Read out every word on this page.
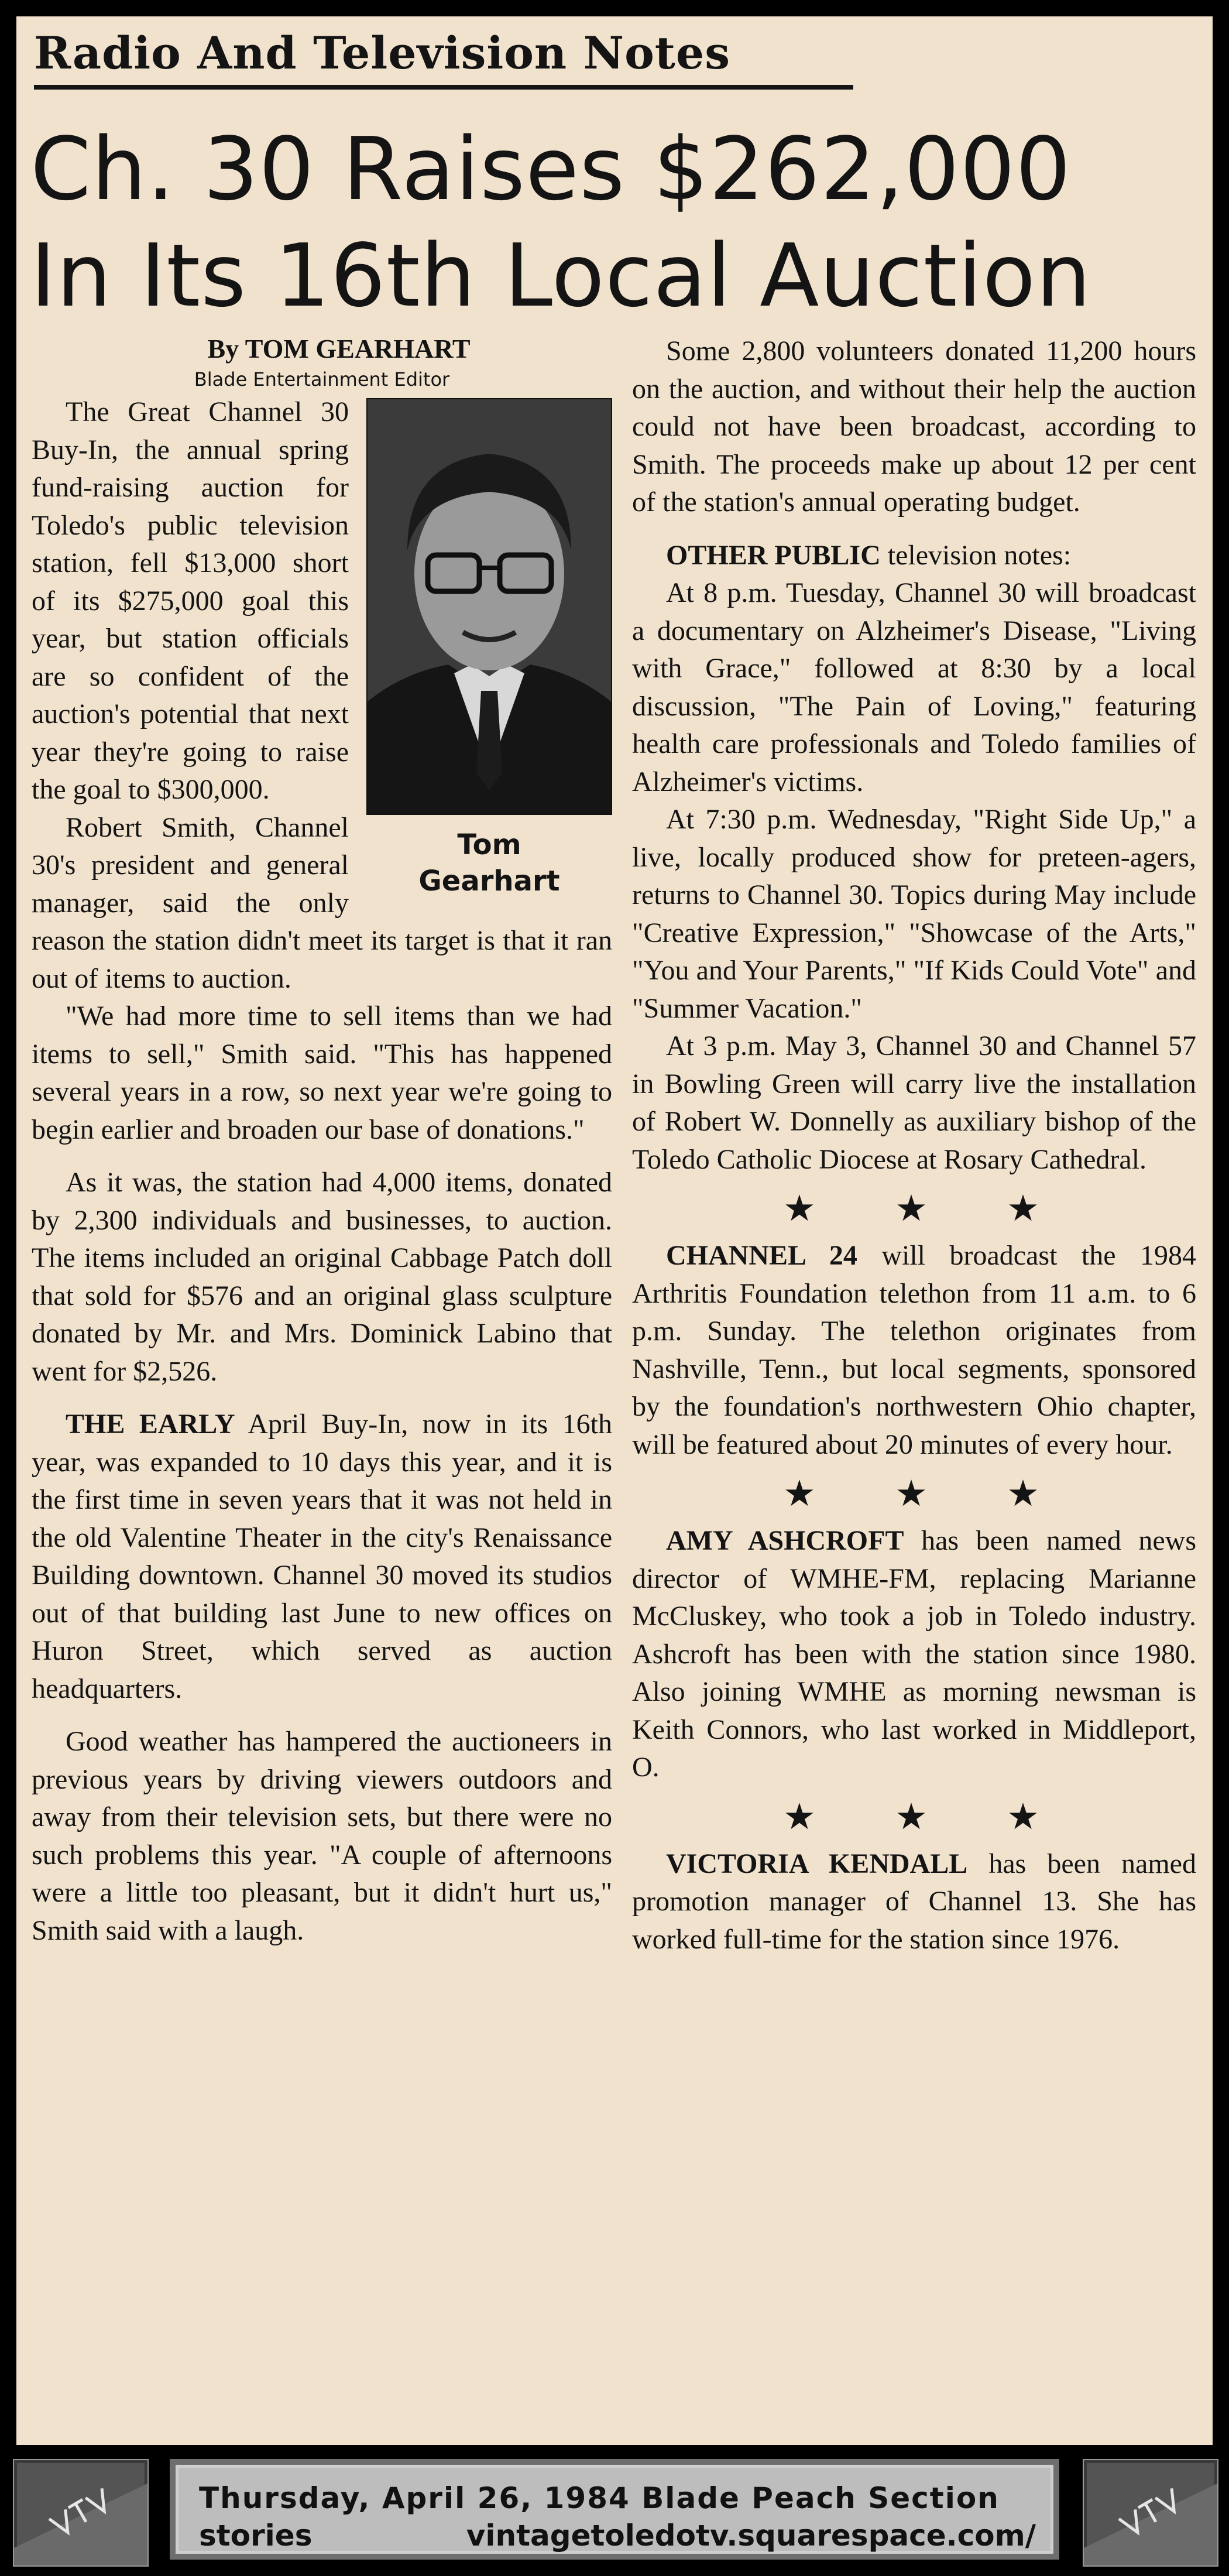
Radio And Television Notes
Ch. 30 Raises $262,000
In Its 16th Local Auction

By TOM GEARHART

Blade Entertainment Editor

Tom
Gearhart

The Great Channel 30 Buy-In, the annual spring fund-raising auction for Toledo's public television station, fell $13,000 short of its $275,000 goal this year, but station officials are so confident of the auction's potential that next year they're going to raise the goal to $300,000.

Robert Smith, Channel 30's president and general manager, said the only reason the station didn't meet its target is that it ran out of items to auction.

"We had more time to sell items than we had items to sell," Smith said. "This has happened several years in a row, so next year we're going to begin earlier and broaden our base of donations."

As it was, the station had 4,000 items, donated by 2,300 individuals and businesses, to auction. The items included an original Cabbage Patch doll that sold for $576 and an original glass sculpture donated by Mr. and Mrs. Dominick Labino that went for $2,526.

THE EARLY April Buy-In, now in its 16th year, was expanded to 10 days this year, and it is the first time in seven years that it was not held in the old Valentine Theater in the city's Renaissance Building downtown. Channel 30 moved its studios out of that building last June to new offices on Huron Street, which served as auction headquarters.

Good weather has hampered the auctioneers in previous years by driving viewers outdoors and away from their television sets, but there were no such problems this year. "A couple of afternoons were a little too pleasant, but it didn't hurt us," Smith said with a laugh.

Some 2,800 volunteers donated 11,200 hours on the auction, and without their help the auction could not have been broadcast, according to Smith. The proceeds make up about 12 per cent of the station's annual operating budget.

OTHER PUBLIC television notes:

At 8 p.m. Tuesday, Channel 30 will broadcast a documentary on Alzheimer's Disease, "Living with Grace," followed at 8:30 by a local discussion, "The Pain of Loving," featuring health care professionals and Toledo families of Alzheimer's victims.

At 7:30 p.m. Wednesday, "Right Side Up," a live, locally produced show for preteen-agers, returns to Channel 30. Topics during May include "Creative Expression," "Showcase of the Arts," "You and Your Parents," "If Kids Could Vote" and "Summer Vacation."

At 3 p.m. May 3, Channel 30 and Channel 57 in Bowling Green will carry live the installation of Robert W. Donnelly as auxiliary bishop of the Toledo Catholic Diocese at Rosary Cathedral.

★ ★ ★

CHANNEL 24 will broadcast the 1984 Arthritis Foundation telethon from 11 a.m. to 6 p.m. Sunday. The telethon originates from Nashville, Tenn., but local segments, sponsored by the foundation's northwestern Ohio chapter, will be featured about 20 minutes of every hour.

★ ★ ★

AMY ASHCROFT has been named news director of WMHE-FM, replacing Marianne McCluskey, who took a job in Toledo industry. Ashcroft has been with the station since 1980. Also joining WMHE as morning newsman is Keith Connors, who last worked in Middleport, O.

★ ★ ★

VICTORIA KENDALL has been named promotion manager of Channel 13. She has worked full-time for the station since 1976.

Thursday, April 26, 1984 Blade Peach Section
stories	vintagetoledotv.squarespace.com/
